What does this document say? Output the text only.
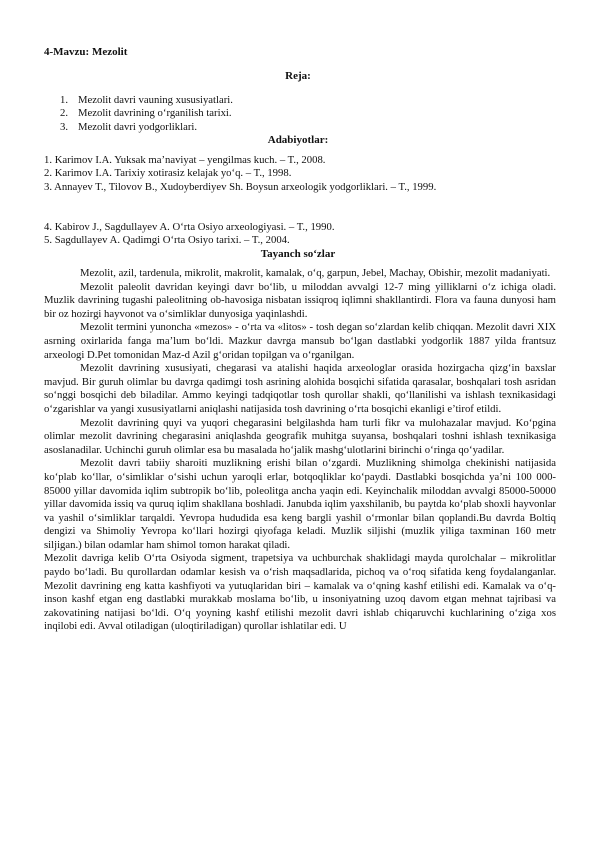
4-Mavzu: Mezolit
Reja:
1. Mezolit davri vauning xususiyatlari.
2. Mezolit davrining o‘rganilish tarixi.
3. Mezolit davri yodgorliklari.
Adabiyotlar:
1. Karimov I.A. Yuksak ma’naviyat – yengilmas kuch. – T., 2008.
2. Karimov I.A. Tarixiy xotirasiz kelajak yo‘q. – T., 1998.
3. Annayev T., Tilovov B., Xudoyberdiyev Sh. Boysun arxeologik yodgorliklari. – T., 1999.
4. Kabirov J., Sagdullayev A. O‘rta Osiyo arxeologiyasi. – T., 1990.
5. Sagdullayev A. Qadimgi O‘rta Osiyo tarixi. – T., 2004.
Tayanch so‘zlar

Mezolit, azil, tardenula, mikrolit, makrolit, kamalak, o‘q, garpun, Jebel, Machay, Obishir, mezolit madaniyati.

Mezolit paleolit davridan keyingi davr bo‘lib, u miloddan avvalgi 12-7 ming yilliklarni o‘z ichiga oladi. Muzlik davrining tugashi paleolitning ob-havosiga nisbatan issiqroq iqlimni shakllantirdi. Flora va fauna dunyosi ham bir oz hozirgi hayvonot va o‘simliklar dunyosiga yaqinlashdi.

Mezolit termini yunoncha «mezos» - o‘rta va «litos» - tosh degan so‘zlardan kelib chiqqan. Mezolit davri XIX asrning oxirlarida fanga ma’lum bo‘ldi. Mazkur davrga mansub bo‘lgan dastlabki yodgorlik 1887 yilda frantsuz arxeologi D.Pet tomonidan Maz-d Azil g‘oridan topilgan va o‘rganilgan.

Mezolit davrining xususiyati, chegarasi va atalishi haqida arxeologlar orasida hozirgacha qizg‘in baxslar mavjud. Bir guruh olimlar bu davrga qadimgi tosh asrining alohida bosqichi sifatida qarasalar, boshqalari tosh asridan so‘nggi bosqichi deb biladilar. Ammo keyingi tadqiqotlar tosh qurollar shakli, qo‘llanilishi va ishlash texnikasidagi o‘zgarishlar va yangi xususiyatlarni aniqlashi natijasida tosh davrining o‘rta bosqichi ekanligi e’tirof etildi.

Mezolit davrining quyi va yuqori chegarasini belgilashda ham turli fikr va mulohazalar mavjud. Ko‘pgina olimlar mezolit davrining chegarasini aniqlashda geografik muhitga suyansa, boshqalari toshni ishlash texnikasiga asoslanadilar. Uchinchi guruh olimlar esa bu masalada ho‘jalik mashg‘ulotlarini birinchi o‘ringa qo‘yadilar.

Mezolit davri tabiiy sharoiti muzlikning erishi bilan o‘zgardi. Muzlikning shimolga chekinishi natijasida ko‘plab ko‘llar, o‘simliklar o‘sishi uchun yaroqli erlar, botqoqliklar ko‘paydi. Dastlabki bosqichda ya’ni 100 000-85000 yillar davomida iqlim subtropik bo‘lib, poleolitga ancha yaqin edi. Keyinchalik miloddan avvalgi 85000-50000 yillar davomida issiq va quruq iqlim shakllana boshladi. Janubda iqlim yaxshilanib, bu paytda ko‘plab shoxli hayvonlar va yashil o‘simliklar tarqaldi. Yevropa hududida esa keng bargli yashil o‘rmonlar bilan qoplandi.Bu davrda Boltiq dengizi va Shimoliy Yevropa ko‘llari hozirgi qiyofaga keladi. Muzlik siljishi (muzlik yiliga taxminan 160 metr siljigan.) bilan odamlar ham shimol tomon harakat qiladi.

Mezolit davriga kelib O‘rta Osiyoda sigment, trapetsiya va uchburchak shaklidagi mayda qurolchalar – mikrolitlar paydo bo‘ladi. Bu qurollardan odamlar kesish va o‘rish maqsadlarida, pichoq va o‘roq sifatida keng foydalanganlar. Mezolit davrining eng katta kashfiyoti va yutuqlaridan biri – kamalak va o‘qning kashf etilishi edi. Kamalak va o‘q-inson kashf etgan eng dastlabki murakkab moslama bo‘lib, u insoniyatning uzoq davom etgan mehnat tajribasi va zakovatining natijasi bo‘ldi. O‘q yoyning kashf etilishi mezolit davri ishlab chiqaruvchi kuchlarining o‘ziga xos inqilobi edi. Avval otiladigan (uloqtiriladigan) qurollar ishlatilar edi. U
